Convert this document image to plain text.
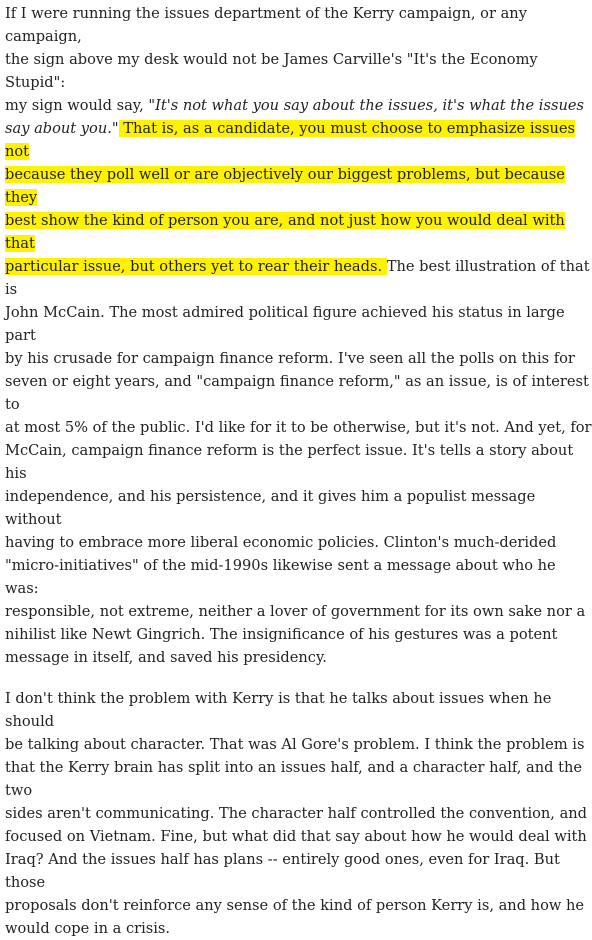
If I were running the issues department of the Kerry campaign, or any campaign,
the sign above my desk would not be James Carville's "It's the Economy Stupid":
my sign would say, "It's not what you say about the issues, it's what the issues
say about you." That is, as a candidate, you must choose to emphasize issues not
because they poll well or are objectively our biggest problems, but because they
best show the kind of person you are, and not just how you would deal with that
particular issue, but others yet to rear their heads. The best illustration of that is
John McCain. The most admired political figure achieved his status in large part
by his crusade for campaign finance reform. I've seen all the polls on this for
seven or eight years, and "campaign finance reform," as an issue, is of interest to
at most 5% of the public. I'd like for it to be otherwise, but it's not. And yet, for
McCain, campaign finance reform is the perfect issue. It's tells a story about his
independence, and his persistence, and it gives him a populist message without
having to embrace more liberal economic policies. Clinton's much-derided
"micro-initiatives" of the mid-1990s likewise sent a message about who he was:
responsible, not extreme, neither a lover of government for its own sake nor a
nihilist like Newt Gingrich. The insignificance of his gestures was a potent
message in itself, and saved his presidency.

I don't think the problem with Kerry is that he talks about issues when he should
be talking about character. That was Al Gore's problem. I think the problem is
that the Kerry brain has split into an issues half, and a character half, and the two
sides aren't communicating. The character half controlled the convention, and
focused on Vietnam. Fine, but what did that say about how he would deal with
Iraq? And the issues half has plans -- entirely good ones, even for Iraq. But those
proposals don't reinforce any sense of the kind of person Kerry is, and how he
would cope in a crisis.
